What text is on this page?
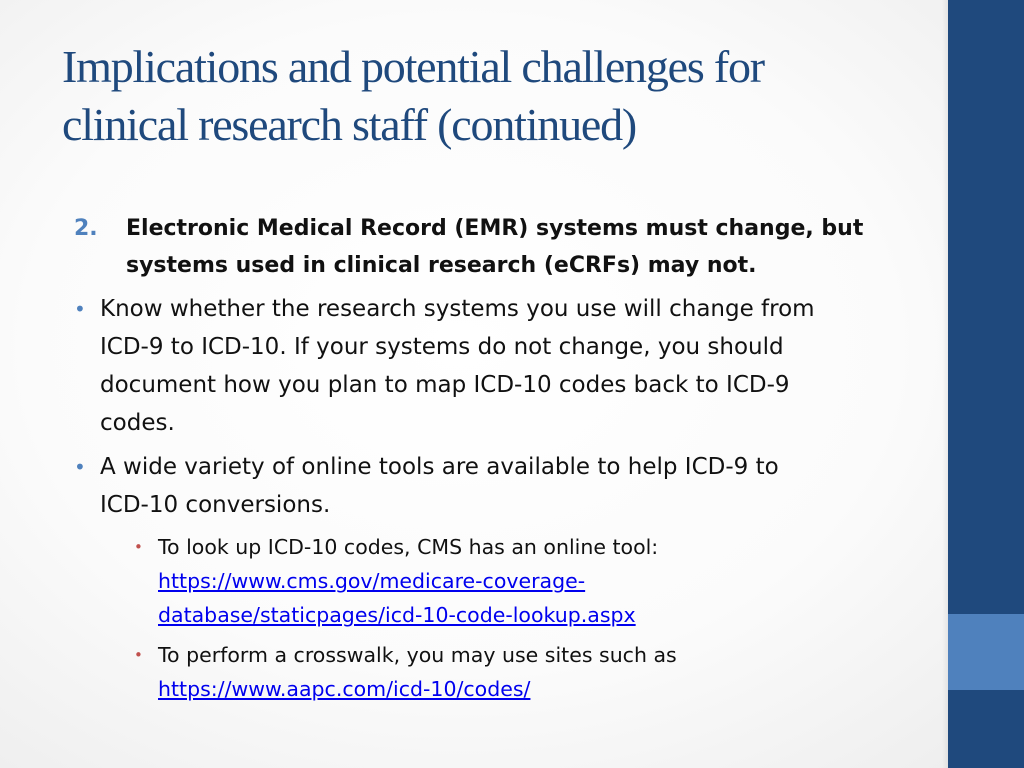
Implications and potential challenges for
clinical research staff (continued)
2. Electronic Medical Record (EMR) systems must change, but
systems used in clinical research (eCRFs) may not.
• Know whether the research systems you use will change from
ICD-9 to ICD-10. If your systems do not change, you should
document how you plan to map ICD-10 codes back to ICD-9
codes.
• A wide variety of online tools are available to help ICD-9 to
ICD-10 conversions.
• To look up ICD-10 codes, CMS has an online tool:
https://www.cms.gov/medicare-coverage-
database/staticpages/icd-10-code-lookup.aspx
• To perform a crosswalk, you may use sites such as
https://www.aapc.com/icd-10/codes/
